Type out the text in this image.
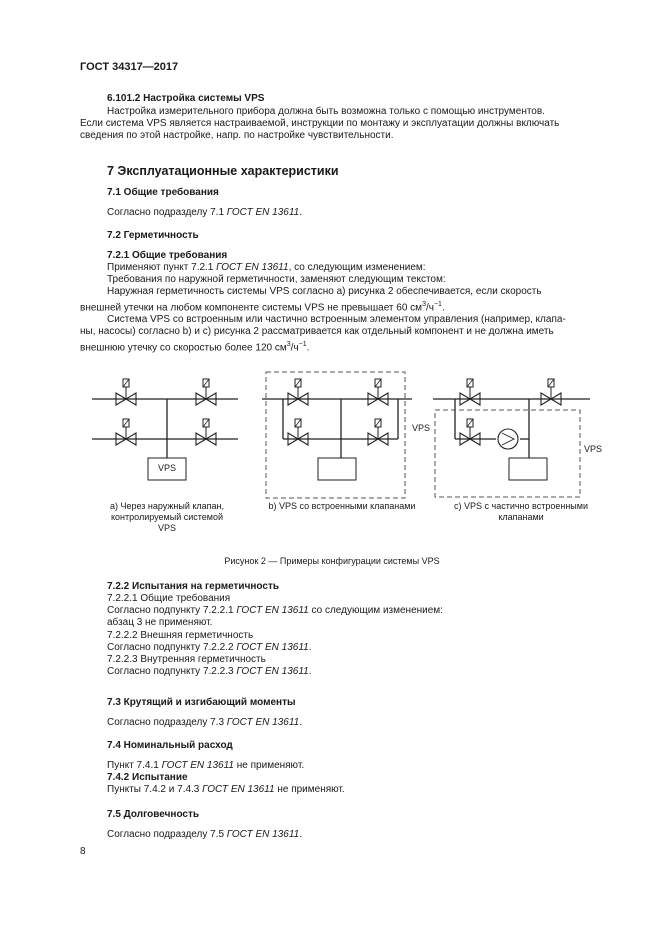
ГОСТ 34317—2017
6.101.2 Настройка системы VPS
Настройка измерительного прибора должна быть возможна только с помощью инструментов.
Если система VPS является настраиваемой, инструкции по монтажу и эксплуатации должны включать
сведения по этой настройке, напр. по настройке чувствительности.
7 Эксплуатационные характеристики
7.1 Общие требования
Согласно подразделу 7.1 ГОСТ EN 13611.
7.2 Герметичность
7.2.1 Общие требования
Применяют пункт 7.2.1 ГОСТ EN 13611, со следующим изменением:
Требования по наружной герметичности, заменяют следующим текстом:
Наружная герметичность системы VPS согласно а) рисунка 2 обеспечивается, если скорость
внешней утечки на любом компоненте системы VPS не превышает 60 $см^3/ч^{-1}$.
Система VPS со встроенным или частично встроенным элементом управления (например, клапа-
ны, насосы) согласно b) и c) рисунка 2 рассматривается как отдельный компонент и не должна иметь
внешнюю утечку со скоростью более 120 $см^3/ч^{-1}$.
VPS
VPS
VPS
а) Через наружный клапан,
контролируемый системой
VPS
b) VPS со встроенными клапанами	c) VPS с частично встроенными
клапанами
Рисунок 2 — Примеры конфигурации системы VPS
7.2.2 Испытания на герметичность
7.2.2.1 Общие требования
Согласно подпункту 7.2.2.1 ГОСТ EN 13611 со следующим изменением:
абзац 3 не применяют.
7.2.2.2 Внешняя герметичность
Согласно подпункту 7.2.2.2 ГОСТ EN 13611.
7.2.2.3 Внутренняя герметичность
Согласно подпункту 7.2.2.3 ГОСТ EN 13611.
7.3 Крутящий и изгибающий моменты
Согласно подразделу 7.3 ГОСТ EN 13611.
7.4 Номинальный расход
Пункт 7.4.1 ГОСТ EN 13611 не применяют.
7.4.2 Испытание
Пункты 7.4.2 и 7.4.3 ГОСТ EN 13611 не применяют.
7.5 Долговечность
Согласно подразделу 7.5 ГОСТ EN 13611.
8
